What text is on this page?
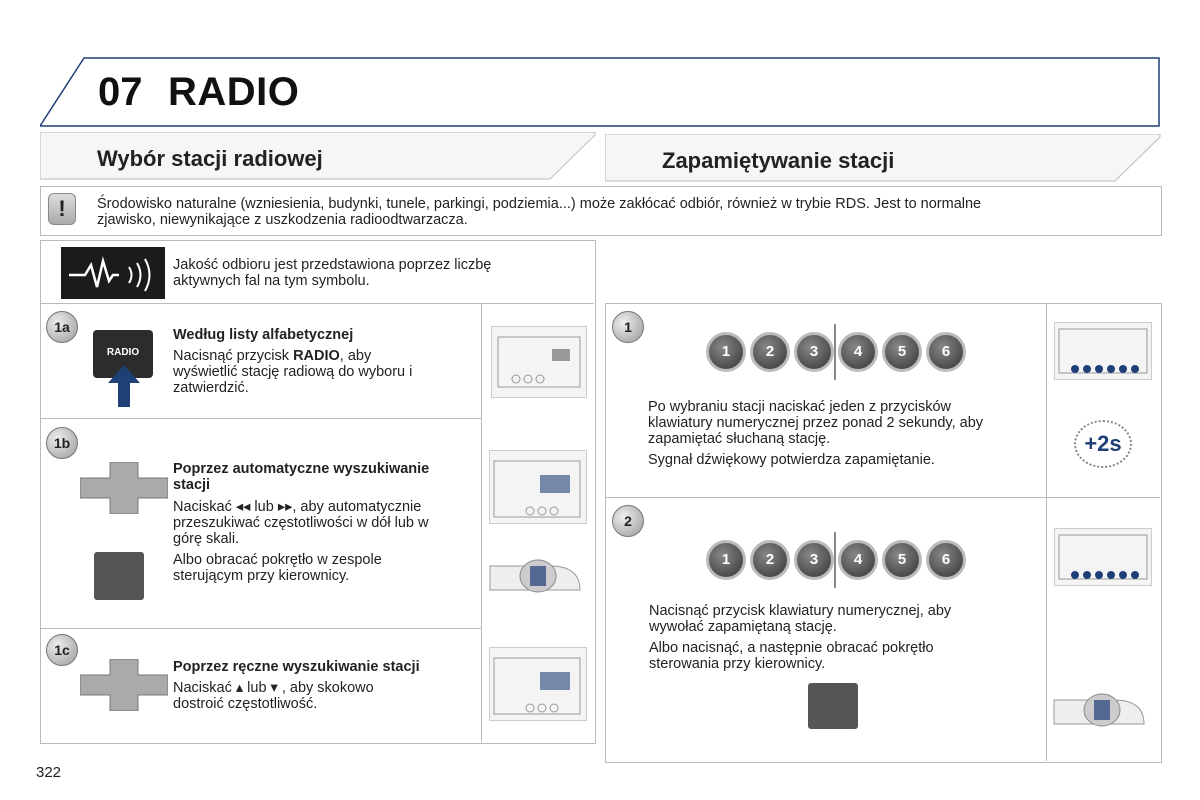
07 RADIO
Wybór stacji radiowej	Zapamiętywanie stacji
!	Środowisko naturalne (wzniesienia, budynki, tunele, parkingi, podziemia...) może zakłócać odbiór, również w trybie RDS. Jest to normalne
zjawisko, niewynikające z uszkodzenia radioodtwarzacza.
Jakość odbioru jest przedstawiona poprzez liczbę
aktywnych fal na tym symbolu.
1a
RADIO
Według listy alfabetycznej
Nacisnąć przycisk RADIO, aby
wyświetlić stację radiową do wyboru i
zatwierdzić.
1b
Poprzez automatyczne wyszukiwanie
stacji
Naciskać ◂◂ lub ▸▸, aby automatycznie
przeszukiwać częstotliwości w dół lub w
górę skali.
Albo obracać pokrętło w zespole
sterującym przy kierownicy.
1c
Poprzez ręczne wyszukiwanie stacji
Naciskać ▴ lub ▾ , aby skokowo
dostroić częstotliwość.
1
1	2	3	4	5	6
Po wybraniu stacji naciskać jeden z przycisków
klawiatury numerycznej przez ponad 2 sekundy, aby
zapamiętać słuchaną stację.
Sygnał dźwiękowy potwierdza zapamiętanie.
+2s
2
1	2	3	4	5	6
Nacisnąć przycisk klawiatury numerycznej, aby
wywołać zapamiętaną stację.
Albo nacisnąć, a następnie obracać pokrętło
sterowania przy kierownicy.
322
